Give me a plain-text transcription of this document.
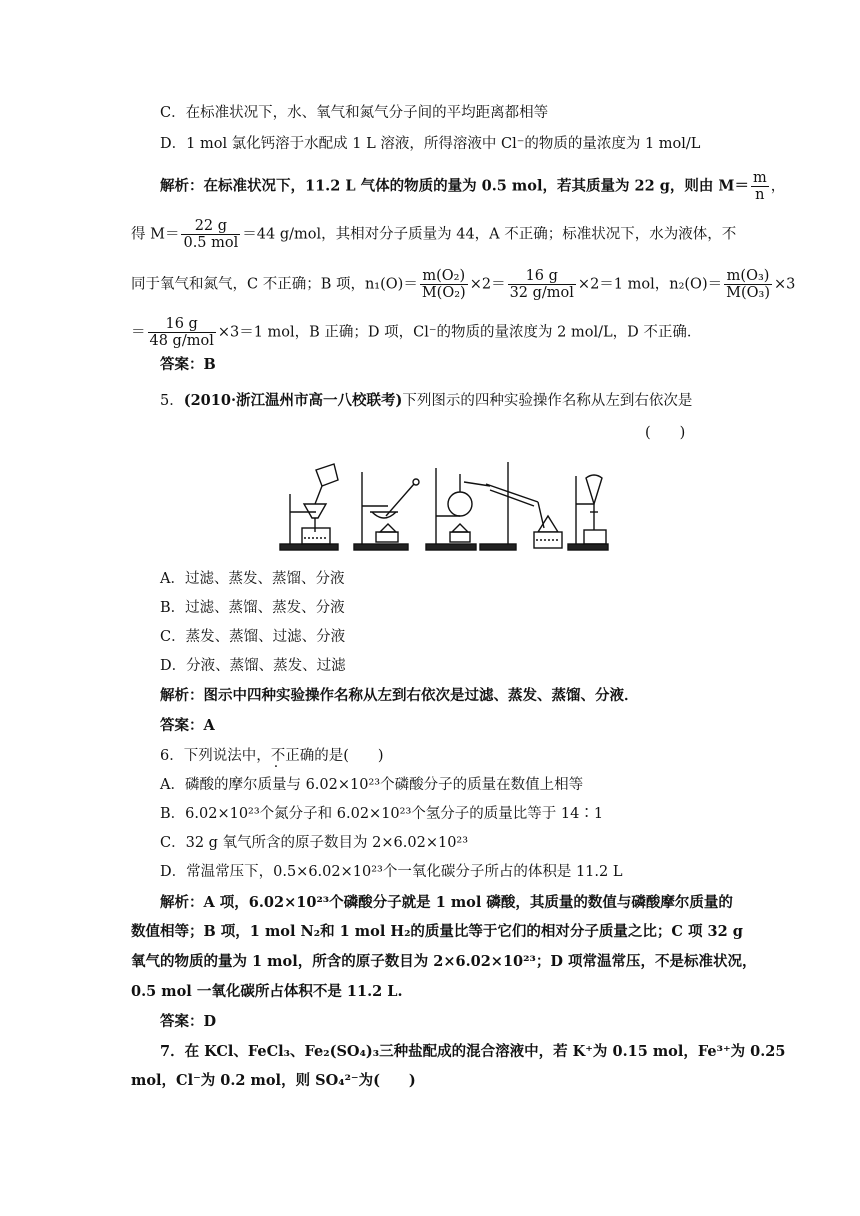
C．在标准状况下，水、氧气和氮气分子间的平均距离都相等
D．1 mol 氯化钙溶于水配成 1 L 溶液，所得溶液中 Cl⁻的物质的量浓度为 1 mol/L
解析：在标准状况下，11.2 L 气体的物质的量为 0.5 mol，若其质量为 22 g，则由 $M= \frac{m}{n}$ ，
得 $M= \frac{22 g}{\text{0.5 mol}} =44$ g/mol，其相对分子质量为 44，A 不正确；标准状况下，水为液体，不
同于氧气和氮气，C 不正确；B 项，$n_1(O)= \frac{\text{m(O₂)}}{\text{M(O₂)}} \times 2= \frac{16 g}{\text{32 g/mol}} \times 2=1$ mol，$n_2(O)= \frac{\text{m(O₃)}}{\text{M(O₃)}} \times 3$
＝ $\frac{16 g}{\text{48 g/mol}} \times 3=1$ mol，B 正确；D 项，Cl⁻的物质的量浓度为 2 mol/L，D 不正确．
答案：B
5．(2010·浙江温州市高一八校联考)下列图示的四种实验操作名称从左到右依次是
(　　)
A．过滤、蒸发、蒸馏、分液
B．过滤、蒸馏、蒸发、分液
C．蒸发、蒸馏、过滤、分液
D．分液、蒸馏、蒸发、过滤
解析：图示中四种实验操作名称从左到右依次是过滤、蒸发、蒸馏、分液．
答案：A
6．下列说法中，不正确的是(　　)
A．磷酸的摩尔质量与 6.02×10²³个磷酸分子的质量在数值上相等
B．6.02×10²³个氮分子和 6.02×10²³个氢分子的质量比等于 14∶1
C．32 g 氧气所含的原子数目为 2×6.02×10²³
D．常温常压下，0.5×6.02×10²³个一氧化碳分子所占的体积是 11.2 L
解析：A 项，6.02×10²³个磷酸分子就是 1 mol 磷酸，其质量的数值与磷酸摩尔质量的
数值相等；B 项，1 mol N₂和 1 mol H₂的质量比等于它们的相对分子质量之比；C 项 32 g
氧气的物质的量为 1 mol，所含的原子数目为 2×6.02×10²³；D 项常温常压，不是标准状况，
0.5 mol 一氧化碳所占体积不是 11.2 L.
答案：D
7．在 KCl、FeCl₃、Fe₂(SO₄)₃三种盐配成的混合溶液中，若 K⁺为 0.15 mol，Fe³⁺为 0.25
mol，Cl⁻为 0.2 mol，则 SO₄²⁻为(　　)
